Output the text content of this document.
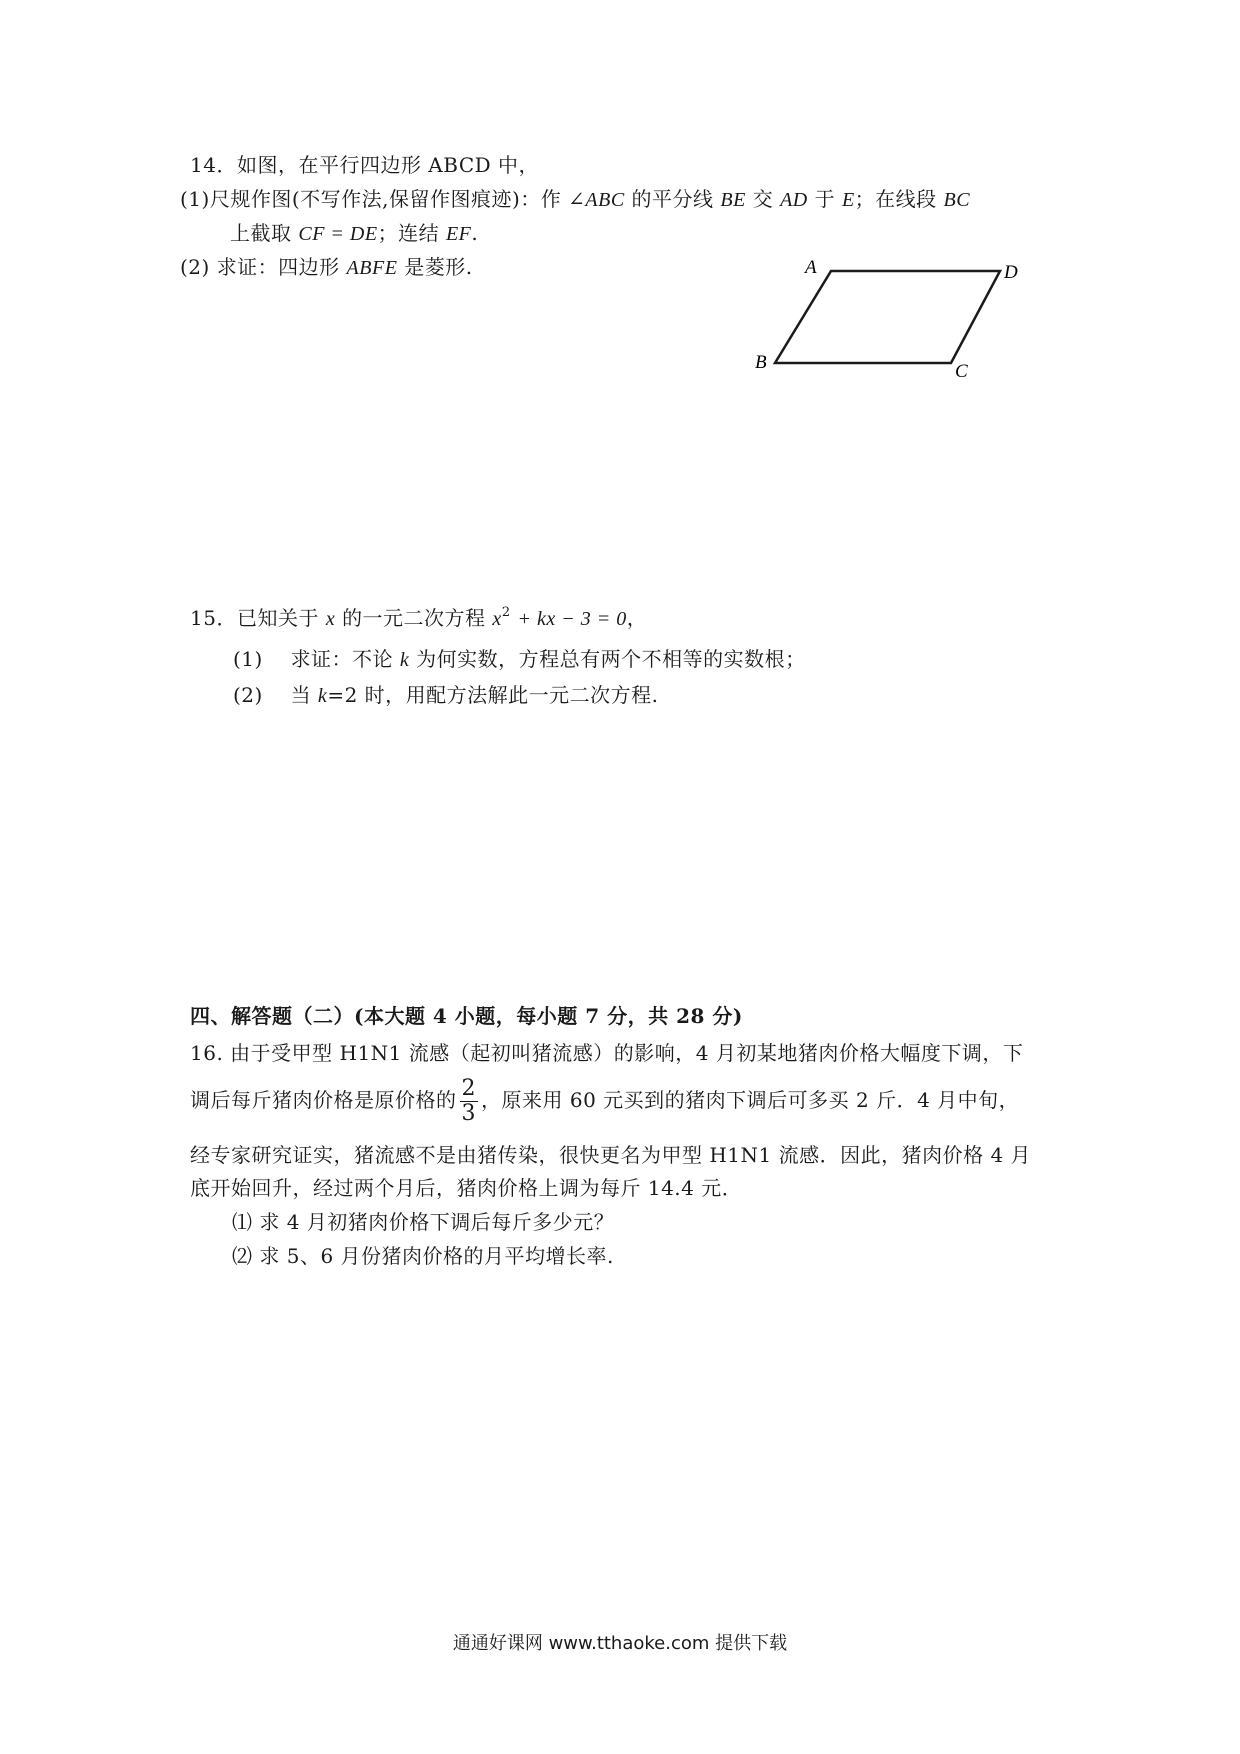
14．如图，在平行四边形 ABCD 中，
(1)尺规作图(不写作法,保留作图痕迹)：作 ∠ABC 的平分线 BE 交 AD 于 E；在线段 BC
上截取 CF = DE；连结 EF.
(2) 求证：四边形 ABFE 是菱形.	A	D
B	C
15．已知关于 x 的一元二次方程 $x^2$ + kx − 3 = 0，
(1) 求证：不论 k 为何实数，方程总有两个不相等的实数根；
(2) 当 k=2 时，用配方法解此一元二次方程.
四、解答题（二）(本大题 4 小题，每小题 7 分，共 28 分)
16. 由于受甲型 H1N1 流感（起初叫猪流感）的影响，4 月初某地猪肉价格大幅度下调，下
调后每斤猪肉价格是原价格的 $\frac{2}{3}$ ，原来用 60 元买到的猪肉下调后可多买 2 斤．4 月中旬，
经专家研究证实，猪流感不是由猪传染，很快更名为甲型 H1N1 流感．因此，猪肉价格 4 月
底开始回升，经过两个月后，猪肉价格上调为每斤 14.4 元．
⑴ 求 4 月初猪肉价格下调后每斤多少元？
⑵ 求 5、6 月份猪肉价格的月平均增长率.
通通好课网 www.tthaoke.com 提供下载
